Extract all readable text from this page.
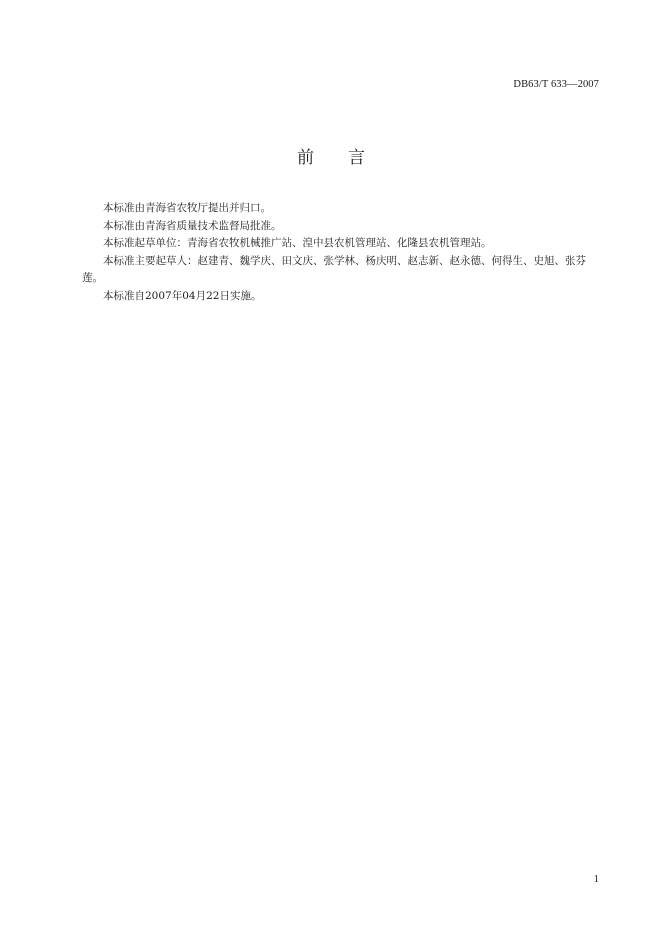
DB63/T 633—2007
前言

本标准由青海省农牧厅提出并归口。

本标准由青海省质量技术监督局批准。

本标准起草单位：青海省农牧机械推广站、湟中县农机管理站、化隆县农机管理站。

本标准主要起草人：赵建青、魏学庆、田文庆、张学林、杨庆明、赵志新、赵永德、何得生、史旭、张芬莲。

本标准自2007年04月22日实施。

1
